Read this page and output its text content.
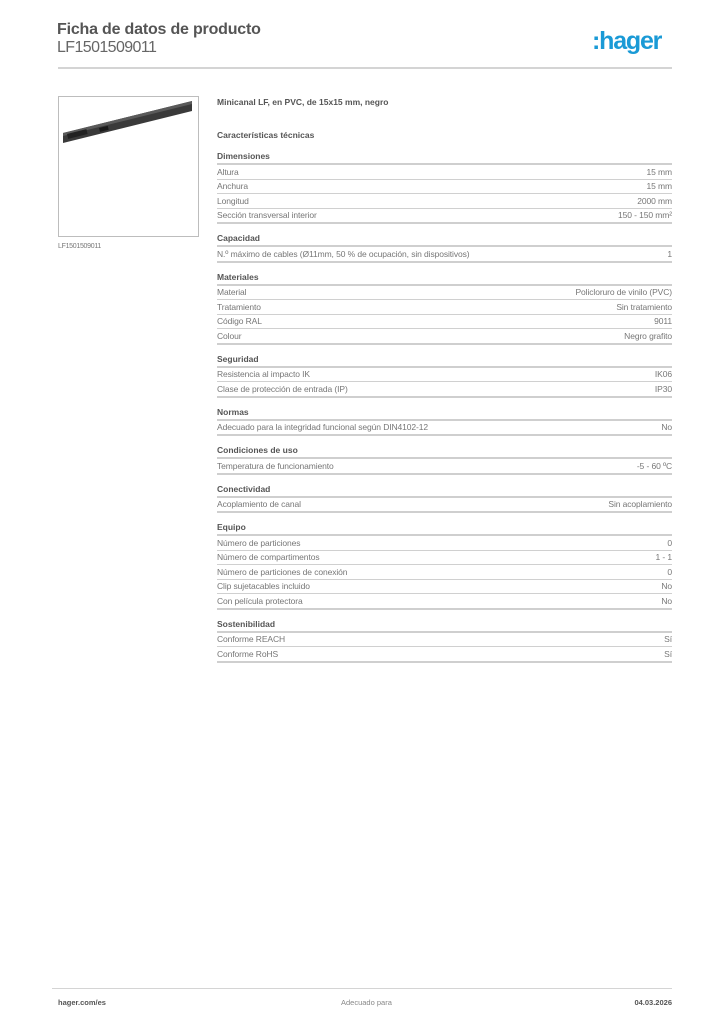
Ficha de datos de producto
LF1501509011	:hager
LF1501509011
Minicanal LF, en PVC, de 15x15 mm, negro
Características técnicas
Dimensiones
Altura	15 mm
Anchura	15 mm
Longitud	2000 mm
Sección transversal interior	150 - 150 mm²
Capacidad
N.º máximo de cables (Ø11mm, 50 % de ocupación, sin dispositivos)	1
Materiales
Material	Policloruro de vinilo (PVC)
Tratamiento	Sin tratamiento
Código RAL	9011
Colour	Negro grafito
Seguridad
Resistencia al impacto IK	IK06
Clase de protección de entrada (IP)	IP30
Normas
Adecuado para la integridad funcional según DIN4102-12	No
Condiciones de uso
Temperatura de funcionamiento	-5 - 60 ºC
Conectividad
Acoplamiento de canal	Sin acoplamiento
Equipo
Número de particiones	0
Número de compartimentos	1 - 1
Número de particiones de conexión	0
Clip sujetacables incluido	No
Con película protectora	No
Sostenibilidad
Conforme REACH	Sí
Conforme RoHS	Sí
hager.com/es	Adecuado para	04.03.2026
